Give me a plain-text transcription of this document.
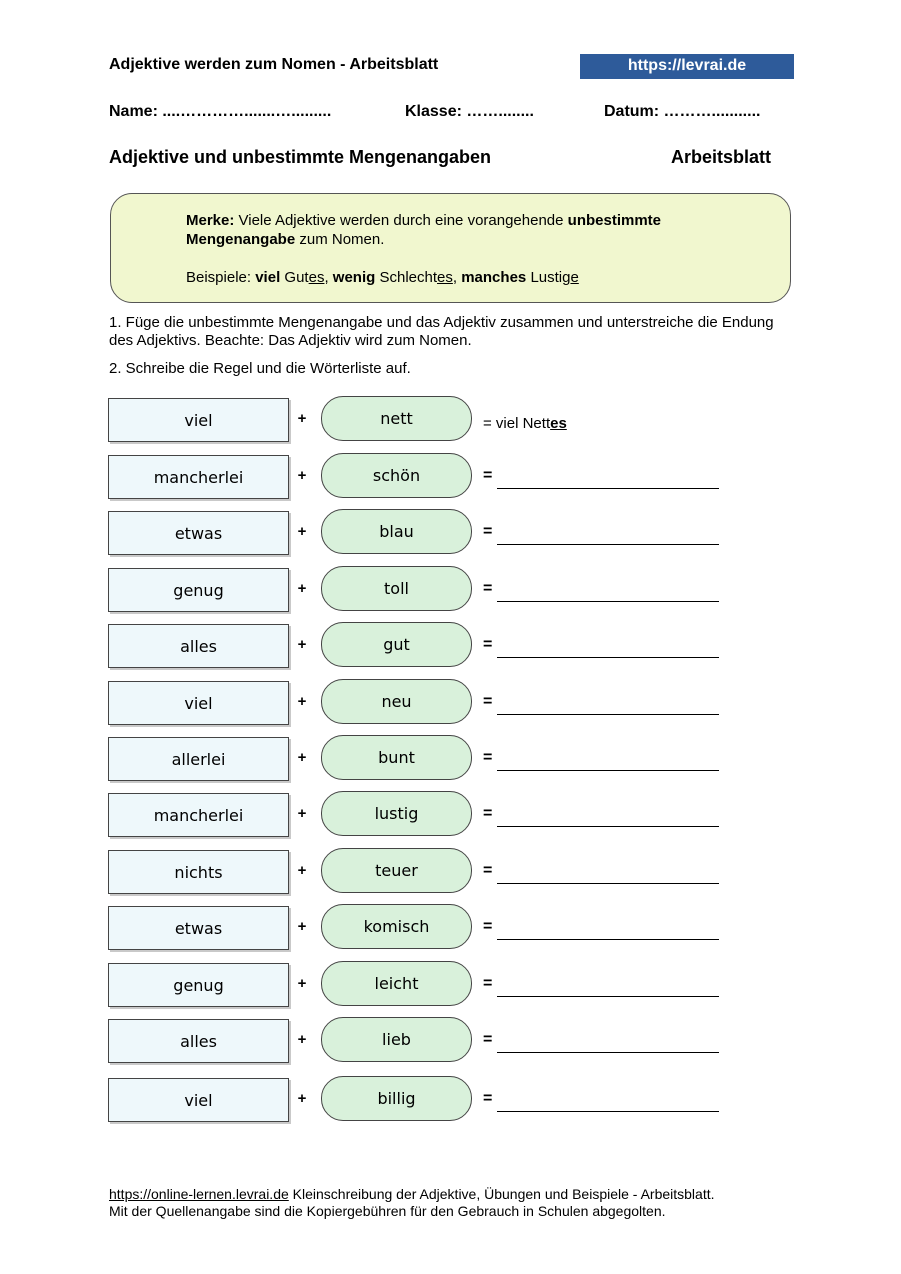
Adjektive werden zum Nomen - Arbeitsblatt	https://levrai.de
Name: ....………….......….........	Klasse: ……........	Datum: ………...........
Adjektive und unbestimmte Mengenangaben	Arbeitsblatt
Merke: Viele Adjektive werden durch eine vorangehende unbestimmte Mengenangabe zum Nomen.
Beispiele: viel Gutes, wenig Schlechtes, manches Lustige
1. Füge die unbestimmte Mengenangabe und das Adjektiv zusammen und unterstreiche die Endung des Adjektivs. Beachte: Das Adjektiv wird zum Nomen.
2. Schreibe die Regel und die Wörterliste auf.
viel	+	nett	= viel Nettes
mancherlei	+	schön	=
etwas	+	blau	=
genug	+	toll	=
alles	+	gut	=
viel	+	neu	=
allerlei	+	bunt	=
mancherlei	+	lustig	=
nichts	+	teuer	=
etwas	+	komisch	=
genug	+	leicht	=
alles	+	lieb	=
viel	+	billig	=
https://online-lernen.levrai.de Kleinschreibung der Adjektive, Übungen und Beispiele - Arbeitsblatt.
Mit der Quellenangabe sind die Kopiergebühren für den Gebrauch in Schulen abgegolten.
